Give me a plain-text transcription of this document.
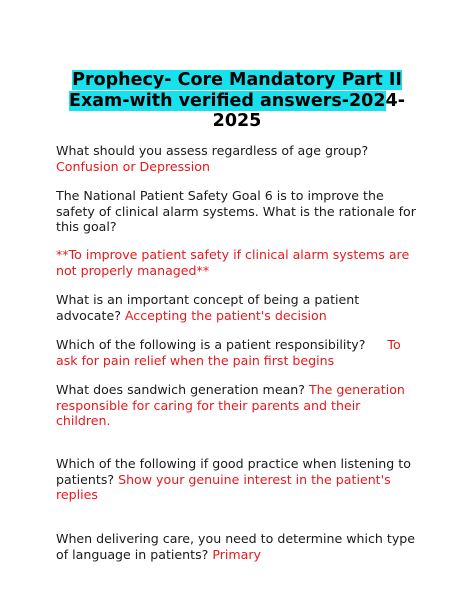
Prophecy- Core Mandatory Part II
Exam-with verified answers-2024-
2025
What should you assess regardless of age group?
Confusion or Depression
The National Patient Safety Goal 6 is to improve the safety of clinical alarm systems. What is the rationale for this goal?
**To improve patient safety if clinical alarm systems are not properly managed**
What is an important concept of being a patient advocate? Accepting the patient's decision
Which of the following is a patient responsibility? To ask for pain relief when the pain first begins
What does sandwich generation mean? The generation responsible for caring for their parents and their children.
Which of the following if good practice when listening to patients? Show your genuine interest in the patient's replies
When delivering care, you need to determine which type of language in patients? Primary
